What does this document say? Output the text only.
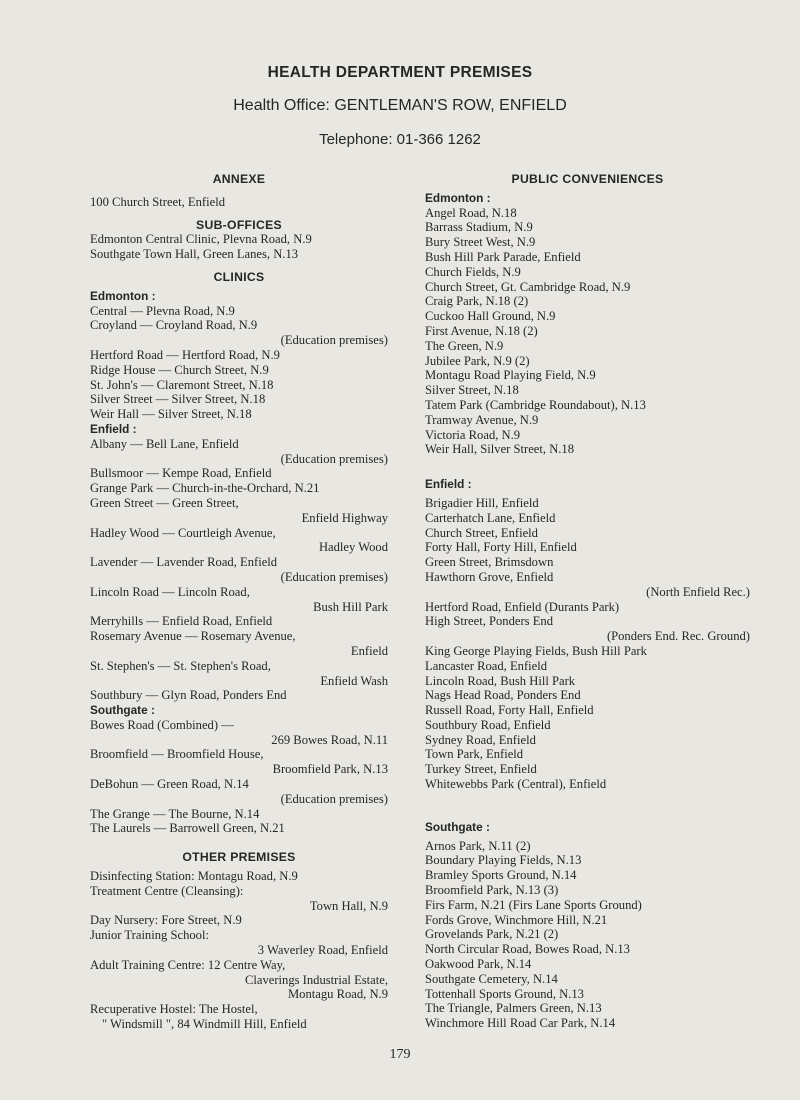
HEALTH DEPARTMENT PREMISES
Health Office: GENTLEMAN'S ROW, ENFIELD
Telephone: 01-366 1262
ANNEXE
100 Church Street, Enfield
SUB-OFFICES
Edmonton Central Clinic, Plevna Road, N.9
Southgate Town Hall, Green Lanes, N.13
CLINICS
Edmonton :
Central — Plevna Road, N.9
Croyland — Croyland Road, N.9
(Education premises)
Hertford Road — Hertford Road, N.9
Ridge House — Church Street, N.9
St. John's — Claremont Street, N.18
Silver Street — Silver Street, N.18
Weir Hall — Silver Street, N.18
Enfield :
Albany — Bell Lane, Enfield
(Education premises)
Bullsmoor — Kempe Road, Enfield
Grange Park — Church-in-the-Orchard, N.21
Green Street — Green Street,
Enfield Highway
Hadley Wood — Courtleigh Avenue,
Hadley Wood
Lavender — Lavender Road, Enfield
(Education premises)
Lincoln Road — Lincoln Road,
Bush Hill Park
Merryhills — Enfield Road, Enfield
Rosemary Avenue — Rosemary Avenue,
Enfield
St. Stephen's — St. Stephen's Road,
Enfield Wash
Southbury — Glyn Road, Ponders End
Southgate :
Bowes Road (Combined) —
269 Bowes Road, N.11
Broomfield — Broomfield House,
Broomfield Park, N.13
DeBohun — Green Road, N.14
(Education premises)
The Grange — The Bourne, N.14
The Laurels — Barrowell Green, N.21
OTHER PREMISES
Disinfecting Station: Montagu Road, N.9
Treatment Centre (Cleansing):
Town Hall, N.9
Day Nursery: Fore Street, N.9
Junior Training School:
3 Waverley Road, Enfield
Adult Training Centre: 12 Centre Way,
Claverings Industrial Estate,
Montagu Road, N.9
Recuperative Hostel: The Hostel,
" Windsmill ", 84 Windmill Hill, Enfield
PUBLIC CONVENIENCES
Edmonton :
Angel Road, N.18
Barrass Stadium, N.9
Bury Street West, N.9
Bush Hill Park Parade, Enfield
Church Fields, N.9
Church Street, Gt. Cambridge Road, N.9
Craig Park, N.18 (2)
Cuckoo Hall Ground, N.9
First Avenue, N.18 (2)
The Green, N.9
Jubilee Park, N.9 (2)
Montagu Road Playing Field, N.9
Silver Street, N.18
Tatem Park (Cambridge Roundabout), N.13
Tramway Avenue, N.9
Victoria Road, N.9
Weir Hall, Silver Street, N.18
Enfield :
Brigadier Hill, Enfield
Carterhatch Lane, Enfield
Church Street, Enfield
Forty Hall, Forty Hill, Enfield
Green Street, Brimsdown
Hawthorn Grove, Enfield
(North Enfield Rec.)
Hertford Road, Enfield (Durants Park)
High Street, Ponders End
(Ponders End. Rec. Ground)
King George Playing Fields, Bush Hill Park
Lancaster Road, Enfield
Lincoln Road, Bush Hill Park
Nags Head Road, Ponders End
Russell Road, Forty Hall, Enfield
Southbury Road, Enfield
Sydney Road, Enfield
Town Park, Enfield
Turkey Street, Enfield
Whitewebbs Park (Central), Enfield
Southgate :
Arnos Park, N.11 (2)
Boundary Playing Fields, N.13
Bramley Sports Ground, N.14
Broomfield Park, N.13 (3)
Firs Farm, N.21 (Firs Lane Sports Ground)
Fords Grove, Winchmore Hill, N.21
Grovelands Park, N.21 (2)
North Circular Road, Bowes Road, N.13
Oakwood Park, N.14
Southgate Cemetery, N.14
Tottenhall Sports Ground, N.13
The Triangle, Palmers Green, N.13
Winchmore Hill Road Car Park, N.14
179
